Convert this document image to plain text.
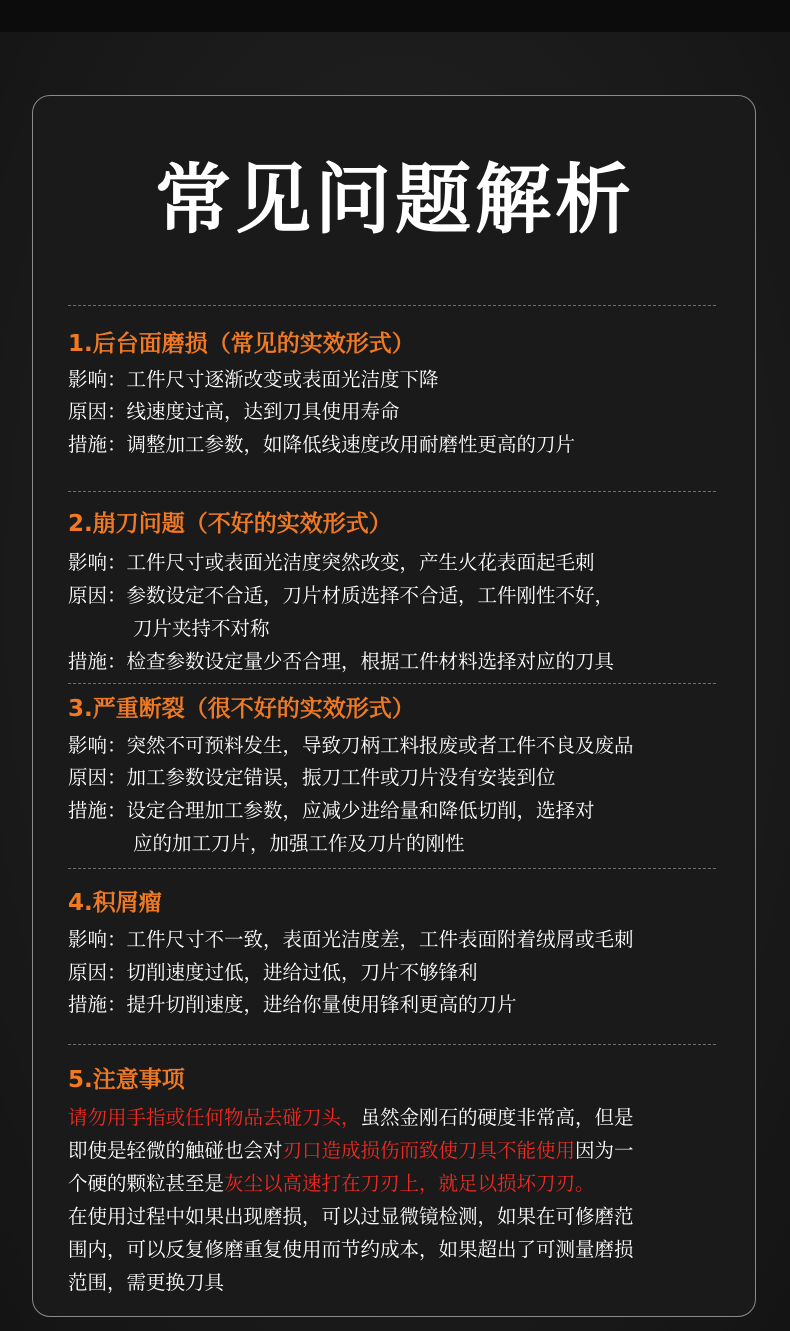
常见问题解析
1.后台面磨损（常见的实效形式）
影响：工件尺寸逐渐改变或表面光洁度下降
原因：线速度过高，达到刀具使用寿命
措施：调整加工参数，如降低线速度改用耐磨性更高的刀片
2.崩刀问题（不好的实效形式）
影响：工件尺寸或表面光洁度突然改变，产生火花表面起毛刺
原因：参数设定不合适，刀片材质选择不合适，工件刚性不好，
刀片夹持不对称
措施：检查参数设定量少否合理，根据工件材料选择对应的刀具
3.严重断裂（很不好的实效形式）
影响：突然不可预料发生，导致刀柄工料报废或者工件不良及废品
原因：加工参数设定错误，振刀工件或刀片没有安装到位
措施：设定合理加工参数，应减少进给量和降低切削，选择对
应的加工刀片，加强工作及刀片的刚性
4.积屑瘤
影响：工件尺寸不一致，表面光洁度差，工件表面附着绒屑或毛刺
原因：切削速度过低，进给过低，刀片不够锋利
措施：提升切削速度，进给你量使用锋利更高的刀片
5.注意事项
请勿用手指或任何物品去碰刀头，虽然金刚石的硬度非常高，但是
即使是轻微的触碰也会对刃口造成损伤而致使刀具不能使用因为一
个硬的颗粒甚至是灰尘以高速打在刀刃上，就足以损坏刀刃。
在使用过程中如果出现磨损，可以过显微镜检测，如果在可修磨范
围内，可以反复修磨重复使用而节约成本，如果超出了可测量磨损
范围，需更换刀具
